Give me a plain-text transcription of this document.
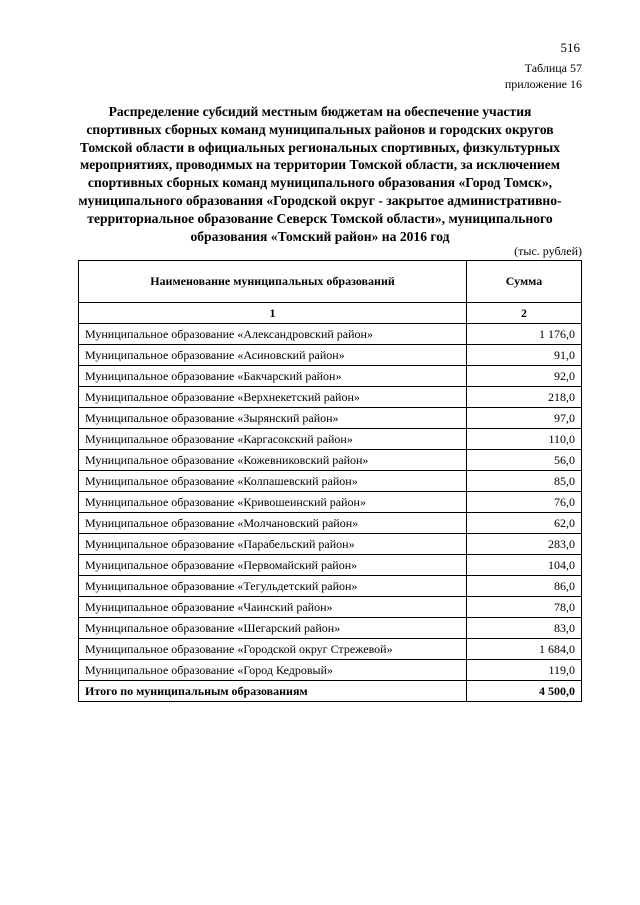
516
Таблица 57
приложение 16
Распределение субсидий местным бюджетам на обеспечение участия спортивных сборных команд муниципальных районов и городских округов Томской области в официальных региональных спортивных, физкультурных мероприятиях, проводимых на территории Томской области, за исключением спортивных сборных команд муниципального образования «Город Томск», муниципального образования «Городской округ - закрытое административно-территориальное образование Северск Томской области», муниципального образования «Томский район» на 2016 год
(тыс. рублей)
Наименование муниципальных образований	Сумма
1	2
Муниципальное образование «Александровский район»	1 176,0
Муниципальное образование «Асиновский район»	91,0
Муниципальное образование «Бакчарский район»	92,0
Муниципальное образование «Верхнекетский район»	218,0
Муниципальное образование «Зырянский район»	97,0
Муниципальное образование «Каргасокский район»	110,0
Муниципальное образование «Кожевниковский район»	56,0
Муниципальное образование «Колпашевский район»	85,0
Муниципальное образование «Кривошеинский район»	76,0
Муниципальное образование «Молчановский район»	62,0
Муниципальное образование «Парабельский район»	283,0
Муниципальное образование «Первомайский район»	104,0
Муниципальное образование «Тегульдетский район»	86,0
Муниципальное образование «Чаинский район»	78,0
Муниципальное образование «Шегарский район»	83,0
Муниципальное образование «Городской округ Стрежевой»	1 684,0
Муниципальное образование «Город Кедровый»	119,0
Итого по муниципальным образованиям	4 500,0
